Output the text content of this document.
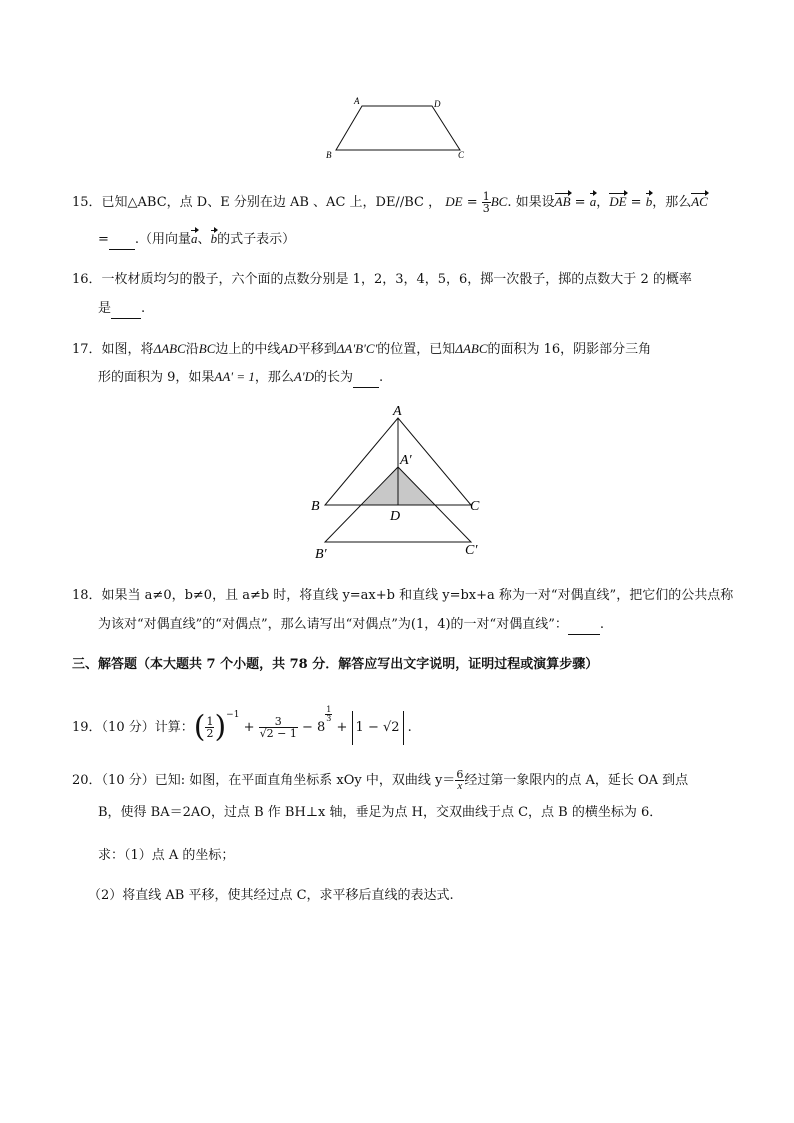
A	D
B	C
15．已知△ABC，点 D、E 分别在边 AB 、AC 上，DE//BC ， DE = $\frac{1}{3}$ BC. 如果设AB = a，DE = b，那么AC
= .（用向量a、b的式子表示）
16．一枚材质均匀的骰子，六个面的点数分别是 1，2，3，4，5，6，掷一次骰子，掷的点数大于 2 的概率
是 .
17．如图，将ΔABC沿BC边上的中线AD平移到ΔA'B'C'的位置，已知ΔABC的面积为 16，阴影部分三角
形的面积为 9，如果AA' = 1，那么A'D的长为 .
A
A′
B	C
D
B′	C′
18．如果当 a≠0，b≠0，且 a≠b 时，将直线 y=ax+b 和直线 y=bx+a 称为一对“对偶直线”，把它们的公共点称
为该对“对偶直线”的“对偶点”，那么请写出“对偶点”为(1，4)的一对“对偶直线”： .
三、解答题（本大题共 7 个小题，共 78 分．解答应写出文字说明，证明过程或演算步骤）
19．（10 分）计算：( $\frac{1}{2} )^{-1} + \frac{3}{√2 - 1} - 8$
$\frac{1}{3}$
+ 1 − √2 .
20．（10 分）已知: 如图，在平面直角坐标系 xOy 中，双曲线 $y= \frac{6}{x}$ 经过第一象限内的点 A，延长 OA 到点
B，使得 BA＝2AO，过点 B 作 BH⊥x 轴，垂足为点 H，交双曲线于点 C，点 B 的横坐标为 6．
求：（1）点 A 的坐标；
（2）将直线 AB 平移，使其经过点 C，求平移后直线的表达式.
